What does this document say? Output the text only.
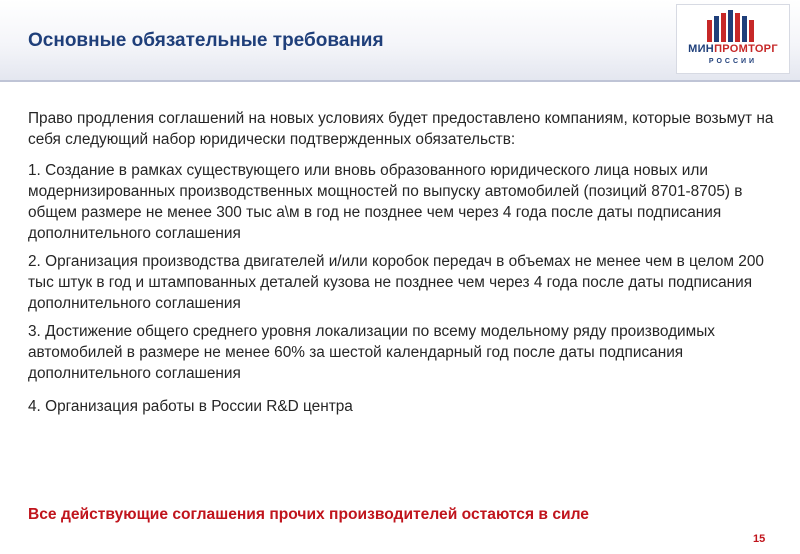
Основные обязательные требования	МИНПРОМТОРГ
РОССИИ

Право продления соглашений на новых условиях будет предоставлено компаниям, которые возьмут на себя следующий набор юридически подтвержденных обязательств:

1. Создание в рамках существующего или вновь образованного юридического лица новых или модернизированных производственных мощностей по выпуску автомобилей (позиций 8701-8705) в общем размере не менее 300 тыс а\м в год не позднее чем через 4 года после даты подписания дополнительного соглашения

2. Организация производства двигателей и/или коробок передач в объемах не менее чем в целом 200 тыс штук в год и штампованных деталей кузова не позднее чем через 4 года после даты подписания дополнительного соглашения

3. Достижение общего среднего уровня локализации по всему модельному ряду производимых автомобилей в размере не менее 60% за шестой календарный год после даты подписания дополнительного соглашения

4. Организация работы в России R&D центра

Все действующие соглашения прочих производителей остаются в силе
15
